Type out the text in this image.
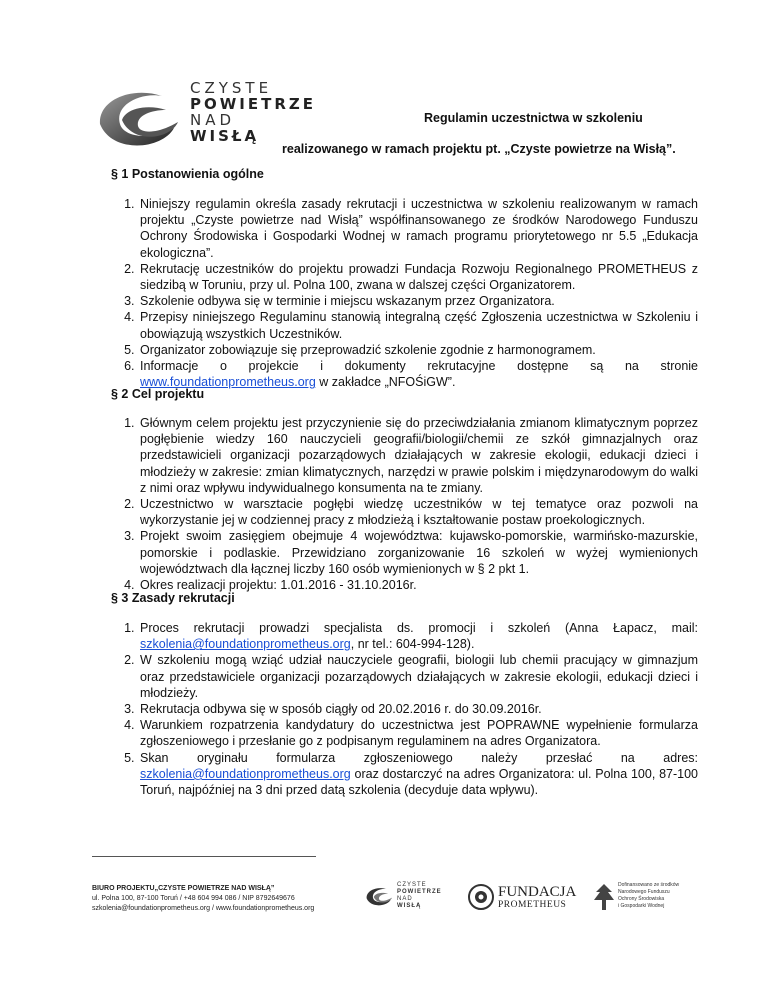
CZYSTE
POWIETRZE
NAD
WISŁĄ
Regulamin uczestnictwa w szkoleniu
realizowanego w ramach projektu pt. „Czyste powietrze na Wisłą”.
§ 1 Postanowienia ogólne
1. Niniejszy regulamin określa zasady rekrutacji i uczestnictwa w szkoleniu realizowanym w ramach projektu „Czyste powietrze nad Wisłą” współfinansowanego ze środków Narodowego Funduszu Ochrony Środowiska i Gospodarki Wodnej w ramach programu priorytetowego nr 5.5 „Edukacja ekologiczna”.
2. Rekrutację uczestników do projektu prowadzi Fundacja Rozwoju Regionalnego PROMETHEUS z siedzibą w Toruniu, przy ul. Polna 100, zwana w dalszej części Organizatorem.
3. Szkolenie odbywa się w terminie i miejscu wskazanym przez Organizatora.
4. Przepisy niniejszego Regulaminu stanowią integralną część Zgłoszenia uczestnictwa w Szkoleniu i obowiązują wszystkich Uczestników.
5. Organizator zobowiązuje się przeprowadzić szkolenie zgodnie z harmonogramem.
6. Informacje o projekcie i dokumenty rekrutacyjne dostępne są na stronie www.foundationprometheus.org w zakładce „NFOŚiGW”.
§ 2 Cel projektu
1. Głównym celem projektu jest przyczynienie się do przeciwdziałania zmianom klimatycznym poprzez pogłębienie wiedzy 160 nauczycieli geografii/biologii/chemii ze szkół gimnazjalnych oraz przedstawicieli organizacji pozarządowych działających w zakresie ekologii, edukacji dzieci i młodzieży w zakresie: zmian klimatycznych, narzędzi w prawie polskim i międzynarodowym do walki z nimi oraz wpływu indywidualnego konsumenta na te zmiany.
2. Uczestnictwo w warsztacie pogłębi wiedzę uczestników w tej tematyce oraz pozwoli na wykorzystanie jej w codziennej pracy z młodzieżą i kształtowanie postaw proekologicznych.
3. Projekt swoim zasięgiem obejmuje 4 województwa: kujawsko-pomorskie, warmińsko-mazurskie, pomorskie i podlaskie. Przewidziano zorganizowanie 16 szkoleń w wyżej wymienionych województwach dla łącznej liczby 160 osób wymienionych w § 2 pkt 1.
4. Okres realizacji projektu: 1.01.2016 - 31.10.2016r.
§ 3 Zasady rekrutacji
1. Proces rekrutacji prowadzi specjalista ds. promocji i szkoleń (Anna Łapacz, mail: szkolenia@foundationprometheus.org, nr tel.: 604-994-128).
2. W szkoleniu mogą wziąć udział nauczyciele geografii, biologii lub chemii pracujący w gimnazjum oraz przedstawiciele organizacji pozarządowych działających w zakresie ekologii, edukacji dzieci i młodzieży.
3. Rekrutacja odbywa się w sposób ciągły od 20.02.2016 r. do 30.09.2016r.
4. Warunkiem rozpatrzenia kandydatury do uczestnictwa jest POPRAWNE wypełnienie formularza zgłoszeniowego i przesłanie go z podpisanym regulaminem na adres Organizatora.
5. Skan oryginału formularza zgłoszeniowego należy przesłać na adres: szkolenia@foundationprometheus.org oraz dostarczyć na adres Organizatora: ul. Polna 100, 87-100 Toruń, najpóźniej na 3 dni przed datą szkolenia (decyduje data wpływu).
BIURO PROJEKTU„CZYSTE POWIETRZE NAD WISŁĄ”
ul. Polna 100, 87-100 Toruń / +48 604 994 086 / NIP 8792649676
szkolenia@foundationprometheus.org / www.foundationprometheus.org
CZYSTE
POWIETRZE
NAD
WISŁĄ
FUNDACJA
PROMETHEUS
Dofinansowano ze środków
Narodowego Funduszu
Ochrony Środowiska
i Gospodarki Wodnej
